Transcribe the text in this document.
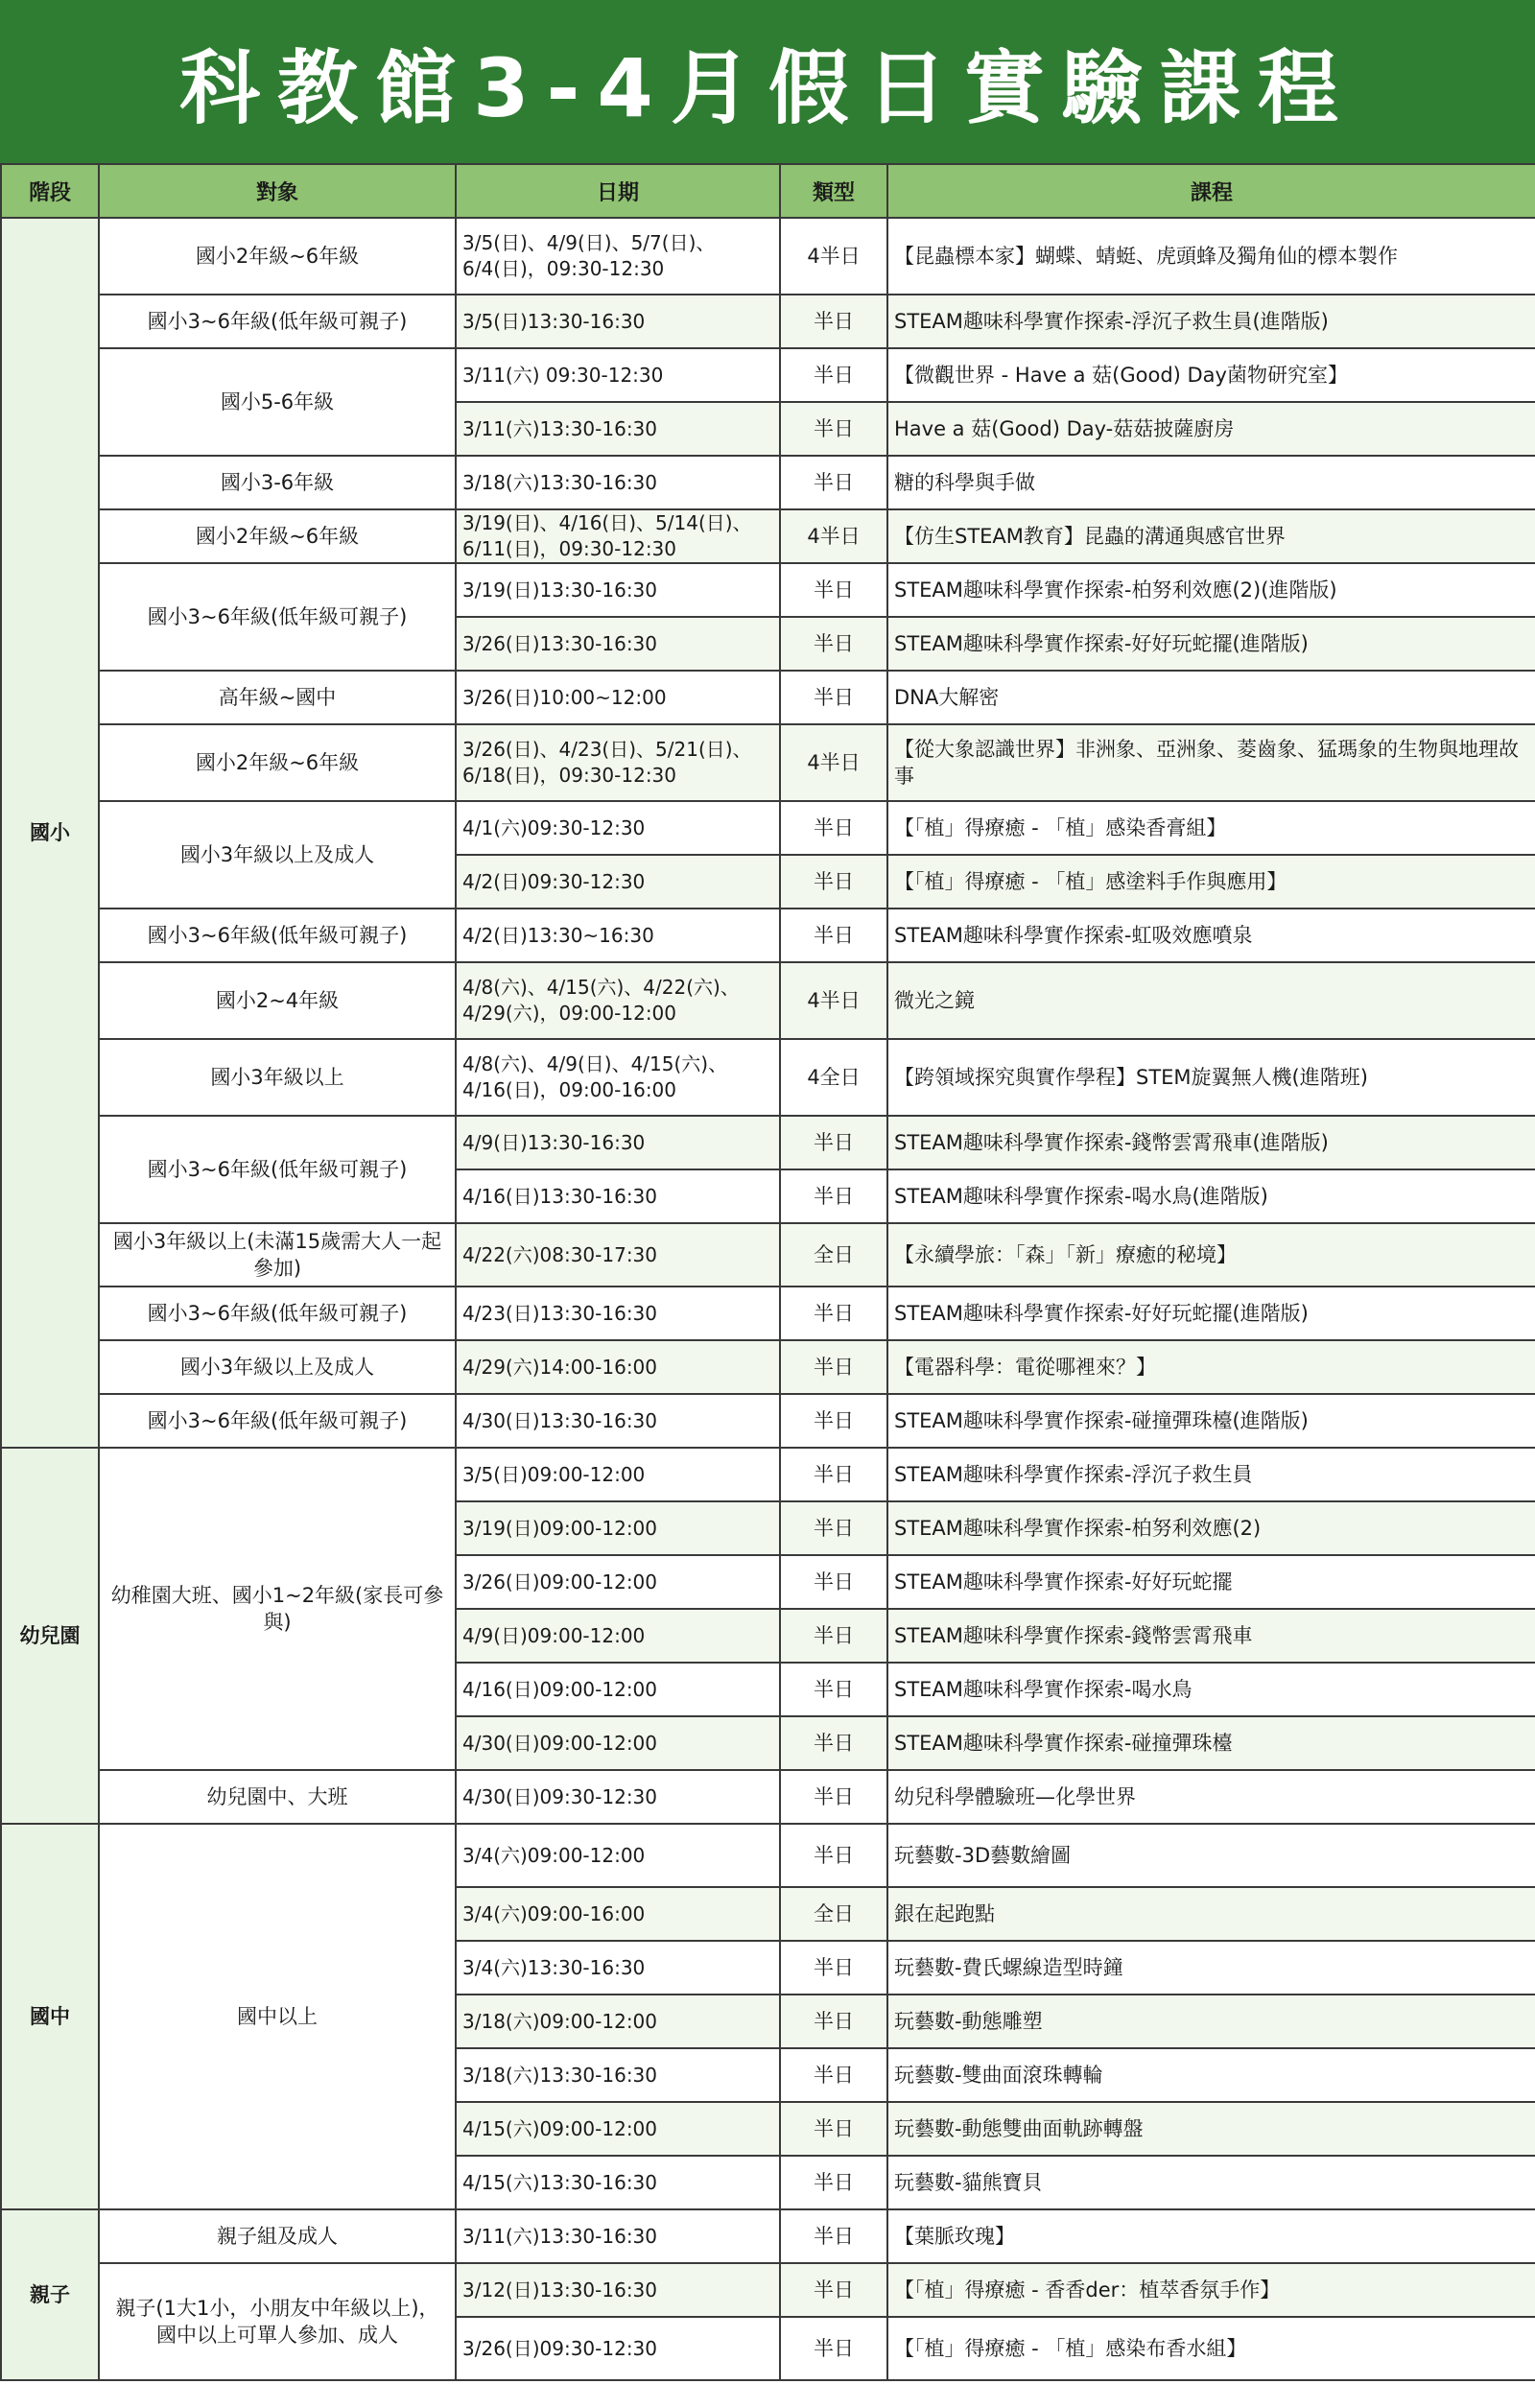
科教館3-4月假日實驗課程
階段	對象	日期	類型	課程
國小	國小2年級~6年級	3/5(日)、4/9(日)、5/7(日)、6/4(日)，09:30-12:30	4半日	【昆蟲標本家】蝴蝶、蜻蜓、虎頭蜂及獨角仙的標本製作
	國小3~6年級(低年級可親子)	3/5(日)13:30-16:30	半日	STEAM趣味科學實作探索-浮沉子救生員(進階版)
	國小5-6年級	3/11(六) 09:30-12:30	半日	【微觀世界 - Have a 菇(Good) Day菌物研究室】
		3/11(六)13:30-16:30	半日	Have a 菇(Good) Day-菇菇披薩廚房
	國小3-6年級	3/18(六)13:30-16:30	半日	糖的科學與手做
	國小2年級~6年級	3/19(日)、4/16(日)、5/14(日)、6/11(日)，09:30-12:30	4半日	【仿生STEAM教育】昆蟲的溝通與感官世界
	國小3~6年級(低年級可親子)	3/19(日)13:30-16:30	半日	STEAM趣味科學實作探索-柏努利效應(2)(進階版)
		3/26(日)13:30-16:30	半日	STEAM趣味科學實作探索-好好玩蛇擺(進階版)
	高年級~國中	3/26(日)10:00~12:00	半日	DNA大解密
	國小2年級~6年級	3/26(日)、4/23(日)、5/21(日)、6/18(日)，09:30-12:30	4半日	【從大象認識世界】非洲象、亞洲象、菱齒象、猛瑪象的生物與地理故事
	國小3年級以上及成人	4/1(六)09:30-12:30	半日	【「植」得療癒 - 「植」感染香膏組】
		4/2(日)09:30-12:30	半日	【「植」得療癒 - 「植」感塗料手作與應用】
	國小3~6年級(低年級可親子)	4/2(日)13:30~16:30	半日	STEAM趣味科學實作探索-虹吸效應噴泉
	國小2~4年級	4/8(六)、4/15(六)、4/22(六)、4/29(六)，09:00-12:00	4半日	微光之鏡
	國小3年級以上	4/8(六)、4/9(日)、4/15(六)、4/16(日)，09:00-16:00	4全日	【跨領域探究與實作學程】STEM旋翼無人機(進階班)
	國小3~6年級(低年級可親子)	4/9(日)13:30-16:30	半日	STEAM趣味科學實作探索-錢幣雲霄飛車(進階版)
		4/16(日)13:30-16:30	半日	STEAM趣味科學實作探索-喝水鳥(進階版)
	國小3年級以上(未滿15歲需大人一起參加)	4/22(六)08:30-17:30	全日	【永續學旅：「森」「新」療癒的秘境】
	國小3~6年級(低年級可親子)	4/23(日)13:30-16:30	半日	STEAM趣味科學實作探索-好好玩蛇擺(進階版)
	國小3年級以上及成人	4/29(六)14:00-16:00	半日	【電器科學：電從哪裡來？】
	國小3~6年級(低年級可親子)	4/30(日)13:30-16:30	半日	STEAM趣味科學實作探索-碰撞彈珠檯(進階版)
幼兒園	幼稚園大班、國小1~2年級(家長可參與)	3/5(日)09:00-12:00	半日	STEAM趣味科學實作探索-浮沉子救生員
		3/19(日)09:00-12:00	半日	STEAM趣味科學實作探索-柏努利效應(2)
		3/26(日)09:00-12:00	半日	STEAM趣味科學實作探索-好好玩蛇擺
		4/9(日)09:00-12:00	半日	STEAM趣味科學實作探索-錢幣雲霄飛車
		4/16(日)09:00-12:00	半日	STEAM趣味科學實作探索-喝水鳥
		4/30(日)09:00-12:00	半日	STEAM趣味科學實作探索-碰撞彈珠檯
	幼兒園中、大班	4/30(日)09:30-12:30	半日	幼兒科學體驗班—化學世界
國中	國中以上	3/4(六)09:00-12:00	半日	玩藝數-3D藝數繪圖
		3/4(六)09:00-16:00	全日	銀在起跑點
		3/4(六)13:30-16:30	半日	玩藝數-費氏螺線造型時鐘
		3/18(六)09:00-12:00	半日	玩藝數-動態雕塑
		3/18(六)13:30-16:30	半日	玩藝數-雙曲面滾珠轉輪
		4/15(六)09:00-12:00	半日	玩藝數-動態雙曲面軌跡轉盤
		4/15(六)13:30-16:30	半日	玩藝數-貓熊寶貝
親子	親子組及成人	3/11(六)13:30-16:30	半日	【葉脈玫瑰】
	親子(1大1小，小朋友中年級以上)，國中以上可單人參加、成人	3/12(日)13:30-16:30	半日	【「植」得療癒 - 香香der：植萃香氛手作】
		3/26(日)09:30-12:30	半日	【「植」得療癒 - 「植」感染布香水組】
